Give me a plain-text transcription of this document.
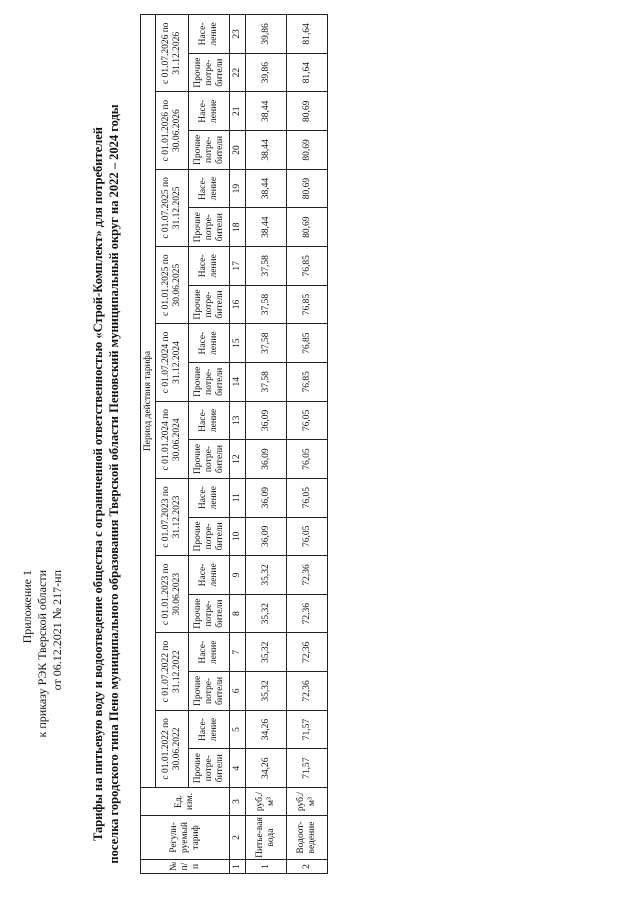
Приложение 1 к приказу РЭК Тверской области от 06.12.2021 № 217-нп Тарифы на питьевую воду и водоотведение общества с ограниченной ответственностью «Строй-Комплект» для потребителей поселка городского типа Пено муниципального образования Тверской области Пеновский муниципальный округ на 2022 – 2024 годы
№ п/п	Регули-руемый тариф	Ед. изм.	Период действия тарифа																			
			с 01.01.2022 по 30.06.2022		с 01.07.2022 по 31.12.2022		с 01.01.2023 по 30.06.2023		с 01.07.2023 по 31.12.2023		с 01.01.2024 по 30.06.2024		с 01.07.2024 по 31.12.2024		с 01.01.2025 по 30.06.2025		с 01.07.2025 по 31.12.2025		с 01.01.2026 по 30.06.2026		с 01.07.2026 по 31.12.2026	
			Прочие потре-бители	Насе-ление	Прочие потре-бители	Насе-ление	Прочие потре-бители	Насе-ление	Прочие потре-бители	Насе-ление	Прочие потре-бители	Насе-ление	Прочие потре-бители	Насе-ление	Прочие потре-бители	Насе-ление	Прочие потре-бители	Насе-ление	Прочие потре-бители	Насе-ление	Прочие потре-бители	Насе-ление
1	2	3	4	5	6	7	8	9	10	11	12	13	14	15	16	17	18	19	20	21	22	23
1	Питье-вая вода	руб./м³	34,26	34,26	35,32	35,32	35,32	35,32	36,09	36,09	36,09	36,09	37,58	37,58	37,58	37,58	38,44	38,44	38,44	38,44	39,86	39,86
2	Водоот-ведение	руб./м³	71,57	71,57	72,36	72,36	72,36	72,36	76,05	76,05	76,05	76,05	76,85	76,85	76,85	76,85	80,69	80,69	80,69	80,69	81,64	81,64
